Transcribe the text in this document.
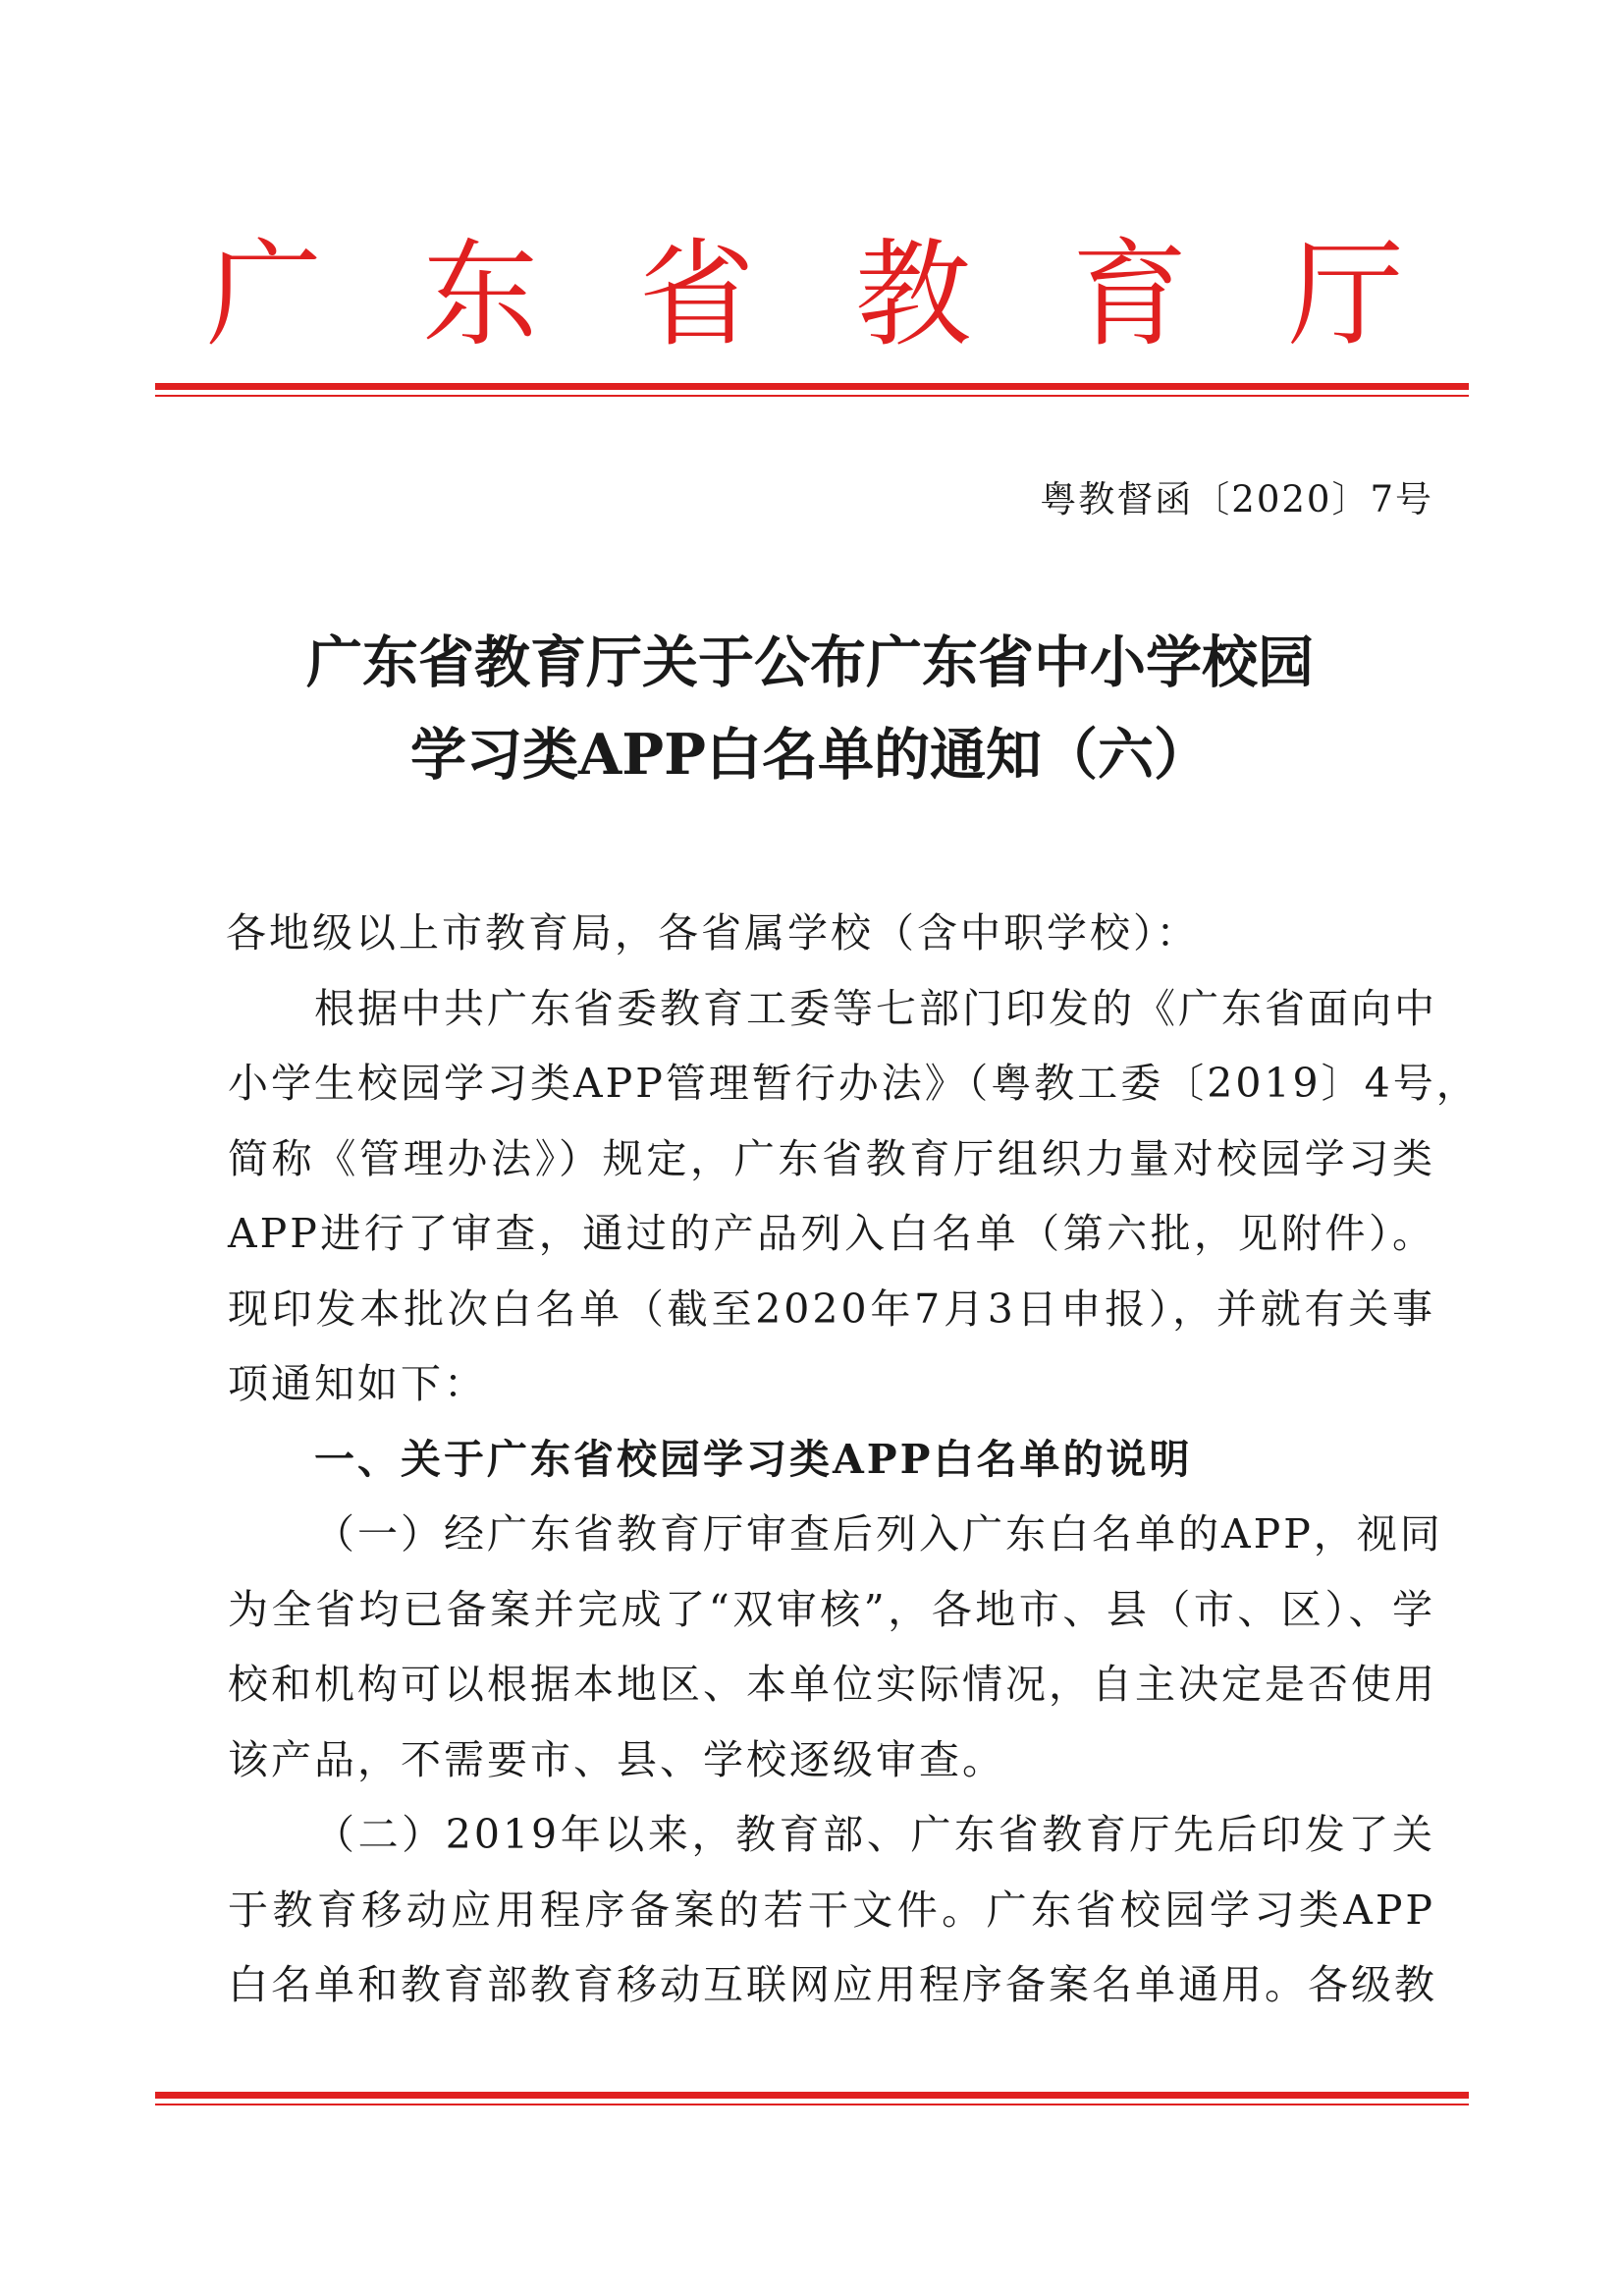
广 东 省 教 育 厅
粤教督函〔2020〕7号
广东省教育厅关于公布广东省中小学校园
学习类APP白名单的通知（六）
各地级以上市教育局，各省属学校（含中职学校）：
根据中共广东省委教育工委等七部门印发的《广东省面向中
小学生校园学习类APP管理暂行办法》（粤教工委〔2019〕4号，
简称《管理办法》）规定，广东省教育厅组织力量对校园学习类
APP进行了审查，通过的产品列入白名单（第六批，见附件）。
现印发本批次白名单（截至2020年7月3日申报），并就有关事
项通知如下：
一、关于广东省校园学习类APP白名单的说明
（一）经广东省教育厅审查后列入广东白名单的APP，视同
为全省均已备案并完成了“双审核”，各地市、县（市、区）、学
校和机构可以根据本地区、本单位实际情况，自主决定是否使用
该产品，不需要市、县、学校逐级审查。
（二）2019年以来，教育部、广东省教育厅先后印发了关
于教育移动应用程序备案的若干文件。广东省校园学习类APP
白名单和教育部教育移动互联网应用程序备案名单通用。各级教
